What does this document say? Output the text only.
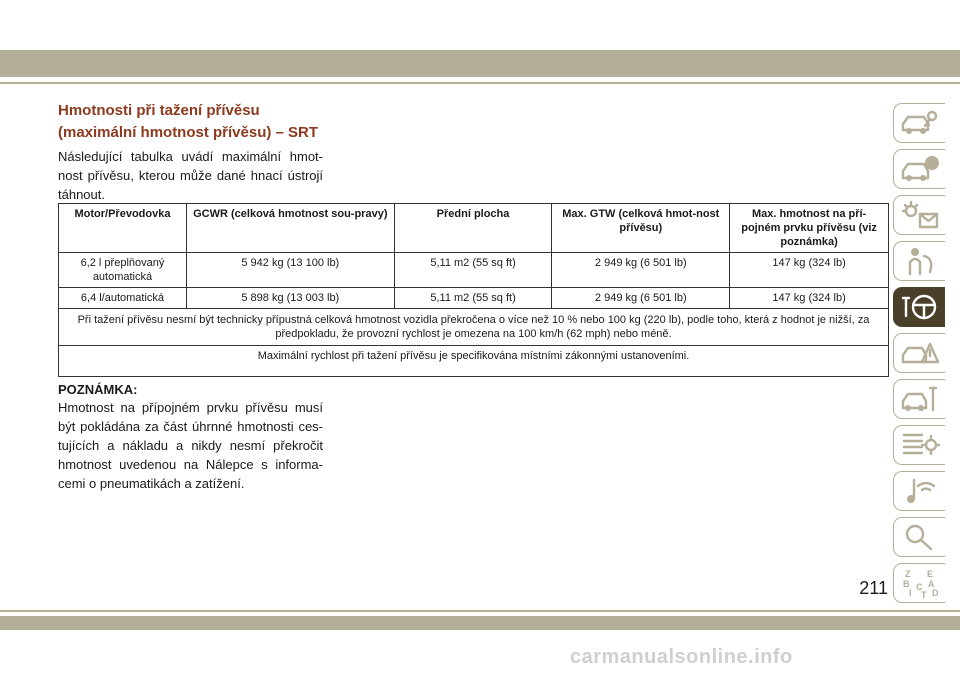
Hmotnosti při tažení přívěsu
(maximální hmotnost přívěsu) – SRT
Následující tabulka uvádí maximální hmot-nost přívěsu, kterou může dané hnací ústrojí táhnout.
Motor/Převodovka	GCWR (celková hmotnost sou-pravy)	Přední plocha	Max. GTW (celková hmot-nost přívěsu)	Max. hmotnost na pří-pojném prvku přívěsu (viz poznámka)
6,2 l přeplňovaný automatická	5 942 kg (13 100 lb)	5,11 m2 (55 sq ft)	2 949 kg (6 501 lb)	147 kg (324 lb)
6,4 l/automatická	5 898 kg (13 003 lb)	5,11 m2 (55 sq ft)	2 949 kg (6 501 lb)	147 kg (324 lb)
Při tažení přívěsu nesmí být technicky přípustná celková hmotnost vozidla překročena o více než 10 % nebo 100 kg (220 lb), podle toho, která z hodnot je nižší, za předpokladu, že provozní rychlost je omezena na 100 km/h (62 mph) nebo méně.				
Maximální rychlost při tažení přívěsu je specifikována místními zákonnými ustanoveními.				
POZNÁMKA:
Hmotnost na přípojném prvku přívěsu musí být pokládána za část úhrnné hmotnosti ces-tujících a nákladu a nikdy nesmí překročit hmotnost uvedenou na Nálepce s informa-cemi o pneumatikách a zatížení.
Z E
B A
I
C
D
T
211
carmanualsonline.info
